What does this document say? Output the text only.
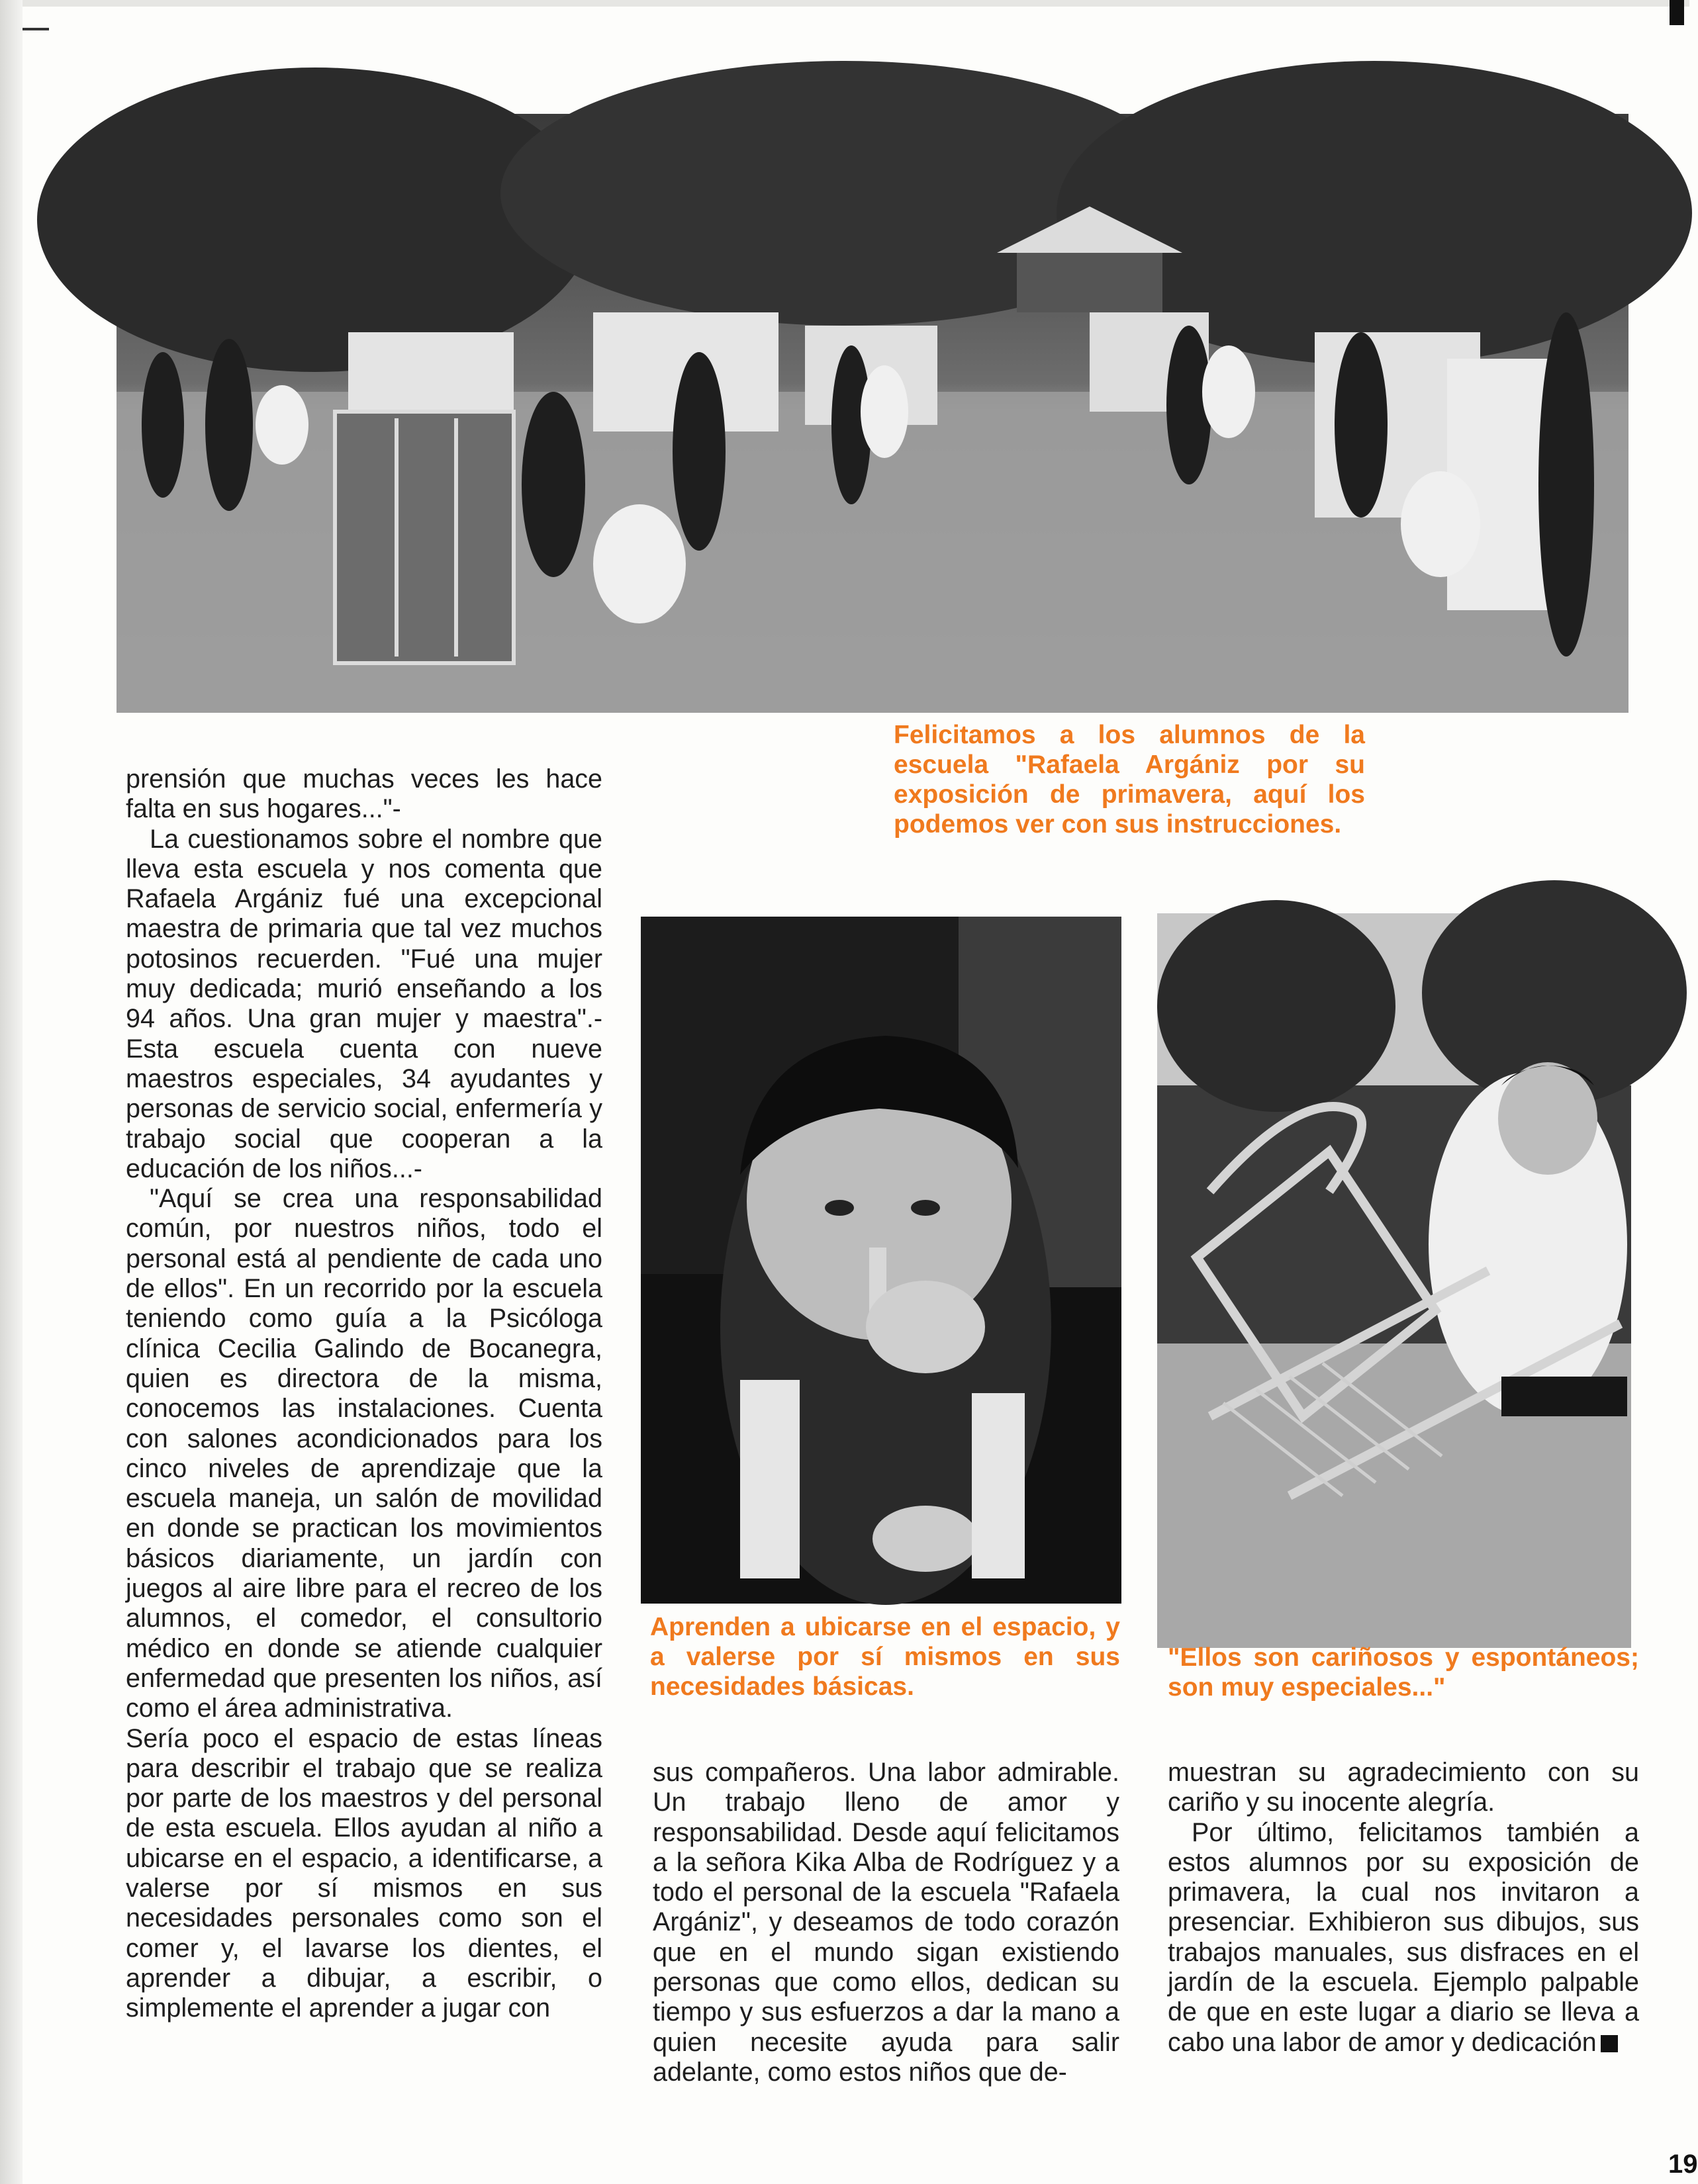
Felicitamos a los alumnos de la escuela "Rafaela Argániz por su exposición de primavera, aquí los podemos ver con sus instrucciones.
Aprenden a ubicarse en el espacio, y a valerse por sí mismos en sus necesidades básicas.
"Ellos son cariñosos y espontáneos; son muy especiales..."

prensión que muchas veces les hace falta en sus hogares..."-

La cuestionamos sobre el nombre que lleva esta escuela y nos comenta que Rafaela Argániz fué una excepcional maestra de primaria que tal vez muchos potosinos recuerden. "Fué una mujer muy dedicada; murió enseñando a los 94 años. Una gran mujer y maestra".- Esta escuela cuenta con nueve maestros especiales, 34 ayudantes y personas de servicio social, enfermería y trabajo social que cooperan a la educación de los niños...-

"Aquí se crea una responsabilidad común, por nuestros niños, todo el personal está al pendiente de cada uno de ellos". En un recorrido por la escuela teniendo como guía a la Psicóloga clínica Cecilia Galindo de Bocanegra, quien es directora de la misma, conocemos las instalaciones. Cuenta con salones acondicionados para los cinco niveles de aprendizaje que la escuela maneja, un salón de movilidad en donde se practican los movimientos básicos diariamente, un jardín con juegos al aire libre para el recreo de los alumnos, el comedor, el consultorio médico en donde se atiende cualquier enfermedad que presenten los niños, así como el área administrativa.

Sería poco el espacio de estas líneas para describir el trabajo que se realiza por parte de los maestros y del personal de esta escuela. Ellos ayudan al niño a ubicarse en el espacio, a identificarse, a valerse por sí mismos en sus necesidades personales como son el comer y, el lavarse los dientes, el aprender a dibujar, a escribir, o simplemente el aprender a jugar con

sus compañeros. Una labor admirable. Un trabajo lleno de amor y responsabilidad. Desde aquí felicitamos a la señora Kika Alba de Rodríguez y a todo el personal de la escuela "Rafaela Argániz", y deseamos de todo corazón que en el mundo sigan existiendo personas que como ellos, dedican su tiempo y sus esfuerzos a dar la mano a quien necesite ayuda para salir adelante, como estos niños que de-

muestran su agradecimiento con su cariño y su inocente alegría.

Por último, felicitamos también a estos alumnos por su exposición de primavera, la cual nos invitaron a presenciar. Exhibieron sus dibujos, sus trabajos manuales, sus disfraces en el jardín de la escuela. Ejemplo palpable de que en este lugar a diario se lleva a cabo una labor de amor y dedicación

19
